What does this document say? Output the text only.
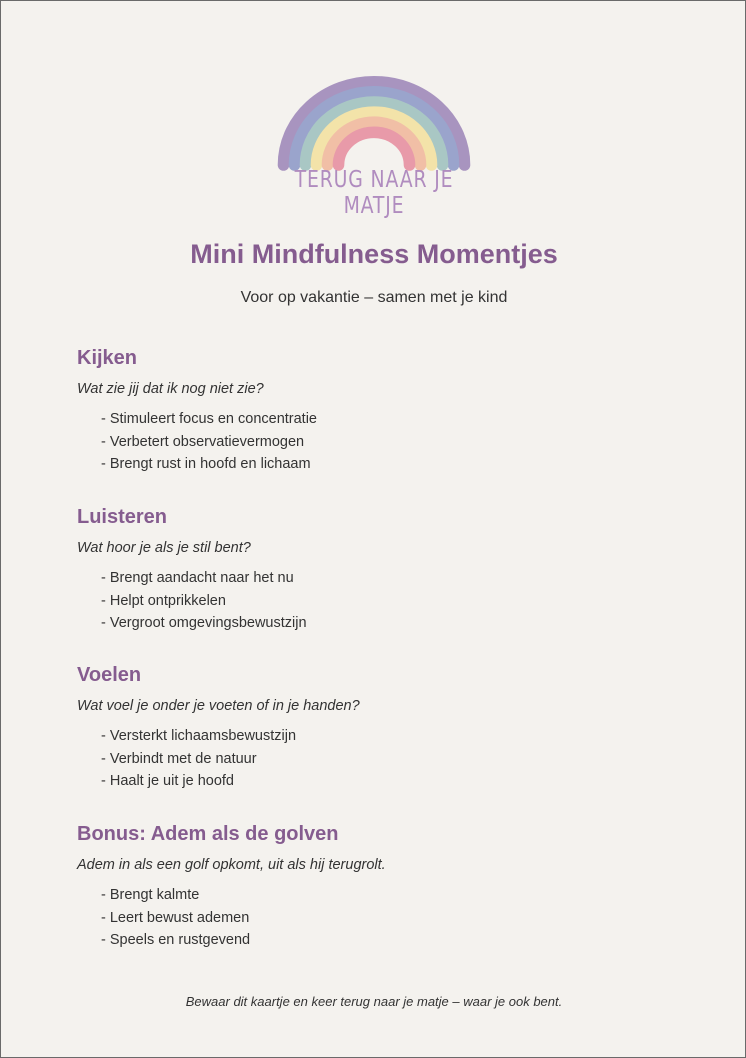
TERUG NAAR JE MATJE
Mini Mindfulness Momentjes
Voor op vakantie – samen met je kind
Kijken

Wat zie jij dat ik nog niet zie?

- Stimuleert focus en concentratie
- Verbetert observatievermogen
- Brengt rust in hoofd en lichaam
Luisteren

Wat hoor je als je stil bent?

- Brengt aandacht naar het nu
- Helpt ontprikkelen
- Vergroot omgevingsbewustzijn
Voelen

Wat voel je onder je voeten of in je handen?

- Versterkt lichaamsbewustzijn
- Verbindt met de natuur
- Haalt je uit je hoofd
Bonus: Adem als de golven

Adem in als een golf opkomt, uit als hij terugrolt.

- Brengt kalmte
- Leert bewust ademen
- Speels en rustgevend
Bewaar dit kaartje en keer terug naar je matje – waar je ook bent.
